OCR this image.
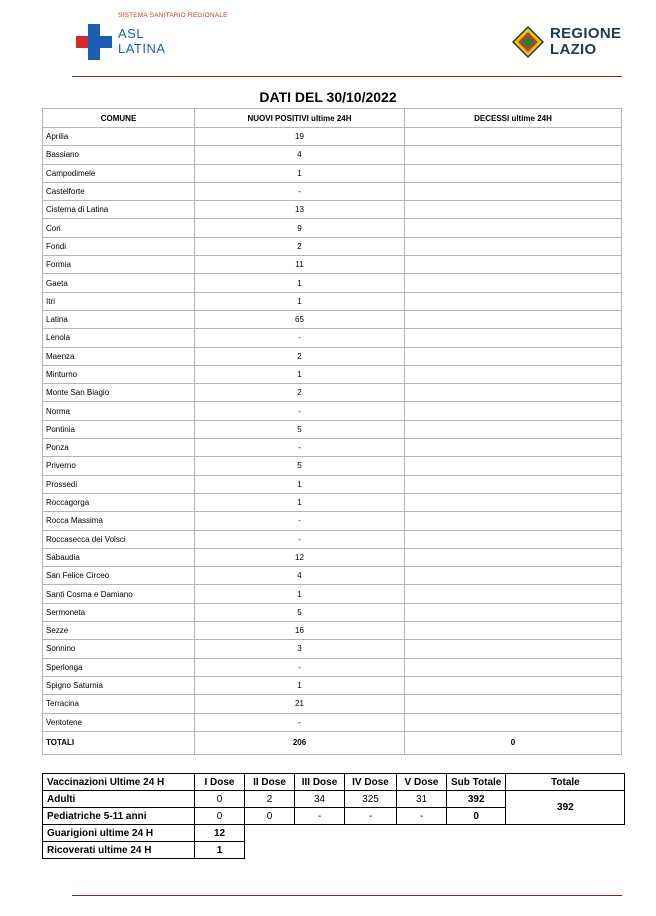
SISTEMA SANITARIO REGIONALE
ASL
LATINA
REGIONE
LAZIO
DATI DEL 30/10/2022
COMUNE	NUOVI POSITIVI ultime 24H	DECESSI ultime 24H
Aprilia	19	
Bassiano	4	
Campodimele	1	
Castelforte	-	
Cisterna di Latina	13	
Cori	9	
Fondi	2	
Formia	11	
Gaeta	1	
Itri	1	
Latina	65	
Lenola	-	
Maenza	2	
Minturno	1	
Monte San Biagio	2	
Norma	-	
Pontinia	5	
Ponza	-	
Priverno	5	
Prossedi	1	
Roccagorga	1	
Rocca Massima	-	
Roccasecca dei Volsci	-	
Sabaudia	12	
San Felice Circeo	4	
Santi Cosma e Damiano	1	
Sermoneta	5	
Sezze	16	
Sonnino	3	
Sperlonga	-	
Spigno Saturnia	1	
Terracina	21	
Ventotene	-	
TOTALI	206	0
Vaccinazioni Ultime 24 H	I Dose	II Dose	III Dose	IV Dose	V Dose	Sub Totale	Totale
Adulti	0	2	34	325	31	392	392
Pediatriche 5-11 anni	0	0	-	-	-	0	
Guarigioni ultime 24 H	12						
Ricoverati ultime 24 H	1						
